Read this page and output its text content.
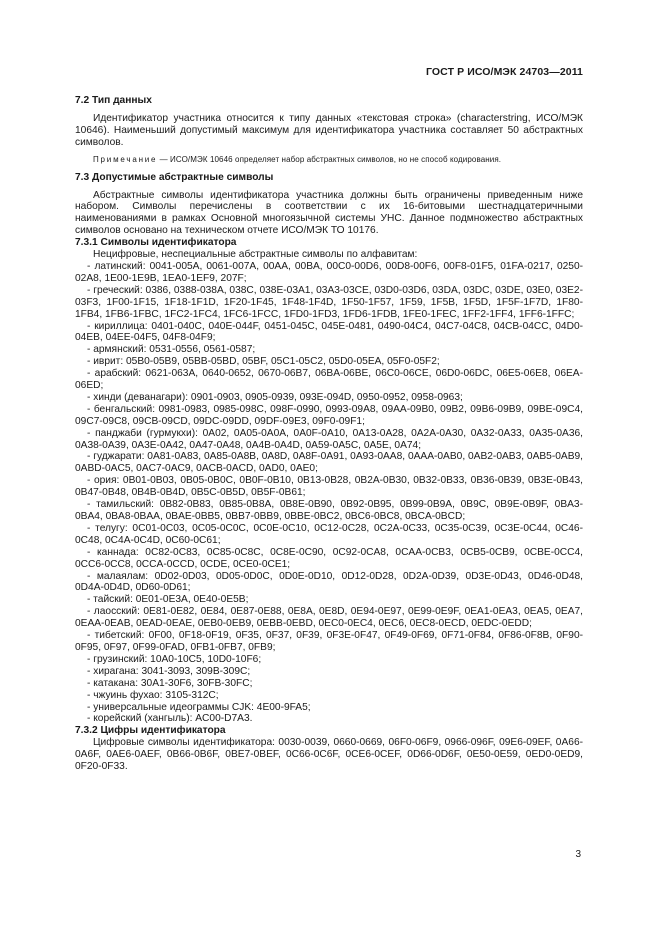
ГОСТ Р ИСО/МЭК 24703—2011
7.2 Тип данных

Идентификатор участника относится к типу данных «текстовая строка» (characterstring, ИСО/МЭК 10646). Наименьший допустимый максимум для идентификатора участника составляет 50 абстрактных символов.

Примечание — ИСО/МЭК 10646 определяет набор абстрактных символов, но не способ кодирования.

7.3 Допустимые абстрактные символы

Абстрактные символы идентификатора участника должны быть ограничены приведенным ниже набором. Символы перечислены в соответствии с их 16-битовыми шестнадцатеричными наименованиями в рамках Основной многоязычной системы УНС. Данное подмножество абстрактных символов основано на техническом отчете ИСО/МЭК ТО 10176.

7.3.1 Символы идентификатора

Нецифровые, неспециальные абстрактные символы по алфавитам:

- латинский: 0041-005A, 0061-007A, 00AA, 00BA, 00C0-00D6, 00D8-00F6, 00F8-01F5, 01FA-0217, 0250-02A8, 1E00-1E9B, 1EA0-1EF9, 207F;

- греческий: 0386, 0388-038A, 038C, 038E-03A1, 03A3-03CE, 03D0-03D6, 03DA, 03DC, 03DE, 03E0, 03E2-03F3, 1F00-1F15, 1F18-1F1D, 1F20-1F45, 1F48-1F4D, 1F50-1F57, 1F59, 1F5B, 1F5D, 1F5F-1F7D, 1F80-1FB4, 1FB6-1FBC, 1FC2-1FC4, 1FC6-1FCC, 1FD0-1FD3, 1FD6-1FDB, 1FE0-1FEC, 1FF2-1FF4, 1FF6-1FFC;

- кириллица: 0401-040C, 040E-044F, 0451-045C, 045E-0481, 0490-04C4, 04C7-04C8, 04CB-04CC, 04D0-04EB, 04EE-04F5, 04F8-04F9;

- армянский: 0531-0556, 0561-0587;

- иврит: 05B0-05B9, 05BB-05BD, 05BF, 05C1-05C2, 05D0-05EA, 05F0-05F2;

- арабский: 0621-063A, 0640-0652, 0670-06B7, 06BA-06BE, 06C0-06CE, 06D0-06DC, 06E5-06E8, 06EA-06ED;

- хинди (деванагари): 0901-0903, 0905-0939, 093E-094D, 0950-0952, 0958-0963;

- бенгальский: 0981-0983, 0985-098C, 098F-0990, 0993-09A8, 09AA-09B0, 09B2, 09B6-09B9, 09BE-09C4, 09C7-09C8, 09CB-09CD, 09DC-09DD, 09DF-09E3, 09F0-09F1;

- панджаби (гурмукхи): 0A02, 0A05-0A0A, 0A0F-0A10, 0A13-0A28, 0A2A-0A30, 0A32-0A33, 0A35-0A36, 0A38-0A39, 0A3E-0A42, 0A47-0A48, 0A4B-0A4D, 0A59-0A5C, 0A5E, 0A74;

- гуджарати: 0A81-0A83, 0A85-0A8B, 0A8D, 0A8F-0A91, 0A93-0AA8, 0AAA-0AB0, 0AB2-0AB3, 0AB5-0AB9, 0ABD-0AC5, 0AC7-0AC9, 0ACB-0ACD, 0AD0, 0AE0;

- ория: 0B01-0B03, 0B05-0B0C, 0B0F-0B10, 0B13-0B28, 0B2A-0B30, 0B32-0B33, 0B36-0B39, 0B3E-0B43, 0B47-0B48, 0B4B-0B4D, 0B5C-0B5D, 0B5F-0B61;

- тамильский: 0B82-0B83, 0B85-0B8A, 0B8E-0B90, 0B92-0B95, 0B99-0B9A, 0B9C, 0B9E-0B9F, 0BA3-0BA4, 0BA8-0BAA, 0BAE-0BB5, 0BB7-0BB9, 0BBE-0BC2, 0BC6-0BC8, 0BCA-0BCD;

- телугу: 0C01-0C03, 0C05-0C0C, 0C0E-0C10, 0C12-0C28, 0C2A-0C33, 0C35-0C39, 0C3E-0C44, 0C46-0C48, 0C4A-0C4D, 0C60-0C61;

- каннада: 0C82-0C83, 0C85-0C8C, 0C8E-0C90, 0C92-0CA8, 0CAA-0CB3, 0CB5-0CB9, 0CBE-0CC4, 0CC6-0CC8, 0CCA-0CCD, 0CDE, 0CE0-0CE1;

- малаялам: 0D02-0D03, 0D05-0D0C, 0D0E-0D10, 0D12-0D28, 0D2A-0D39, 0D3E-0D43, 0D46-0D48, 0D4A-0D4D, 0D60-0D61;

- тайский: 0E01-0E3A, 0E40-0E5B;

- лаосский: 0E81-0E82, 0E84, 0E87-0E88, 0E8A, 0E8D, 0E94-0E97, 0E99-0E9F, 0EA1-0EA3, 0EA5, 0EA7, 0EAA-0EAB, 0EAD-0EAE, 0EB0-0EB9, 0EBB-0EBD, 0EC0-0EC4, 0EC6, 0EC8-0ECD, 0EDC-0EDD;

- тибетский: 0F00, 0F18-0F19, 0F35, 0F37, 0F39, 0F3E-0F47, 0F49-0F69, 0F71-0F84, 0F86-0F8B, 0F90-0F95, 0F97, 0F99-0FAD, 0FB1-0FB7, 0FB9;

- грузинский: 10A0-10C5, 10D0-10F6;

- хирагана: 3041-3093, 309B-309C;

- катакана: 30A1-30F6, 30FB-30FC;

- чжуинь фухао: 3105-312C;

- универсальные идеограммы CJK: 4E00-9FA5;

- корейский (хангыль): AC00-D7A3.

7.3.2 Цифры идентификатора

Цифровые символы идентификатора: 0030-0039, 0660-0669, 06F0-06F9, 0966-096F, 09E6-09EF, 0A66-0A6F, 0AE6-0AEF, 0B66-0B6F, 0BE7-0BEF, 0C66-0C6F, 0CE6-0CEF, 0D66-0D6F, 0E50-0E59, 0ED0-0ED9, 0F20-0F33.

3
